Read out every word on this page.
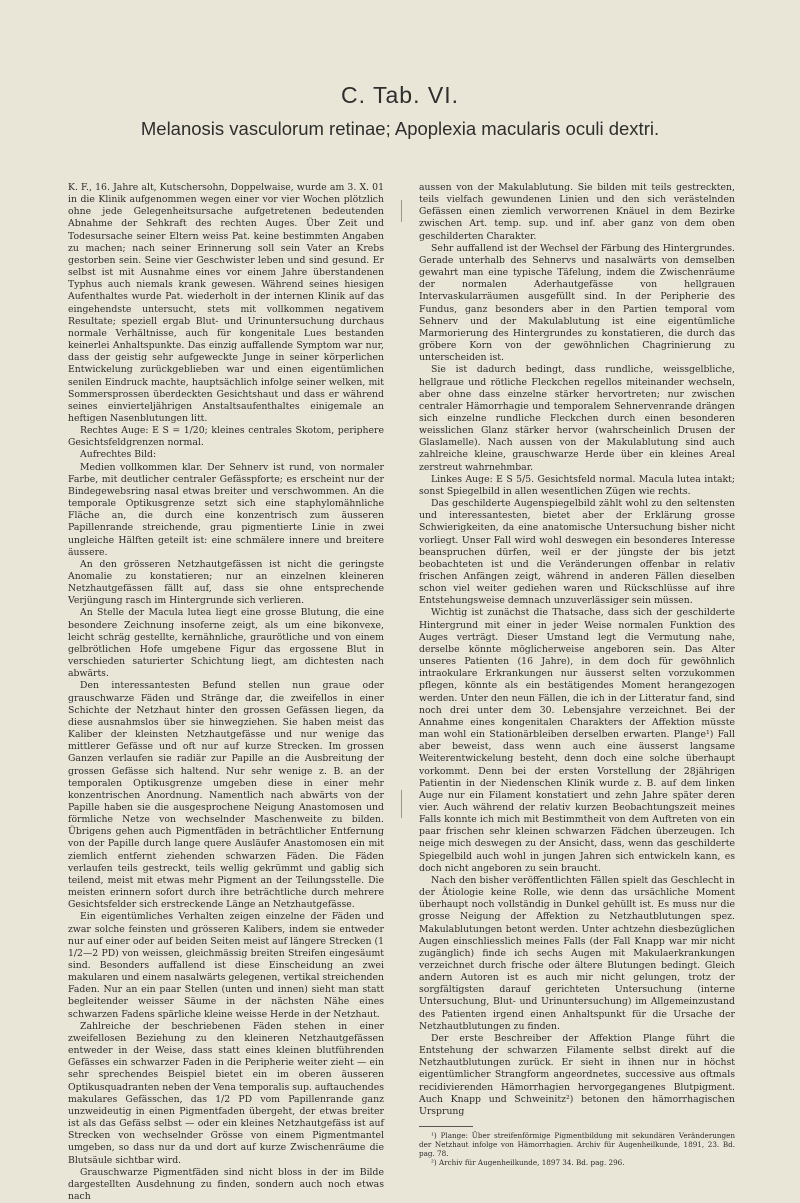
C. Tab. VI.
Melanosis vasculorum retinae; Apoplexia macularis oculi dextri.

K. F., 16. Jahre alt, Kutschersohn, Doppelwaise, wurde am 3. X. 01 in die Klinik aufgenommen wegen einer vor vier Wochen plötzlich ohne jede Gelegenheitsursache aufgetretenen bedeutenden Abnahme der Sehkraft des rechten Auges. Über Zeit und Todesursache seiner Eltern weiss Pat. keine bestimmten Angaben zu machen; nach seiner Erinnerung soll sein Vater an Krebs gestorben sein. Seine vier Geschwister leben und sind gesund. Er selbst ist mit Ausnahme eines vor einem Jahre überstandenen Typhus auch niemals krank gewesen. Während seines hiesigen Aufenthaltes wurde Pat. wiederholt in der internen Klinik auf das eingehendste untersucht, stets mit vollkommen negativem Resultate; speziell ergab Blut- und Urinuntersuchung durchaus normale Verhältnisse, auch für kongenitale Lues bestanden keinerlei Anhaltspunkte. Das einzig auffallende Symptom war nur, dass der geistig sehr aufgeweckte Junge in seiner körperlichen Entwickelung zurückgeblieben war und einen eigentümlichen senilen Eindruck machte, hauptsächlich infolge seiner welken, mit Sommersprossen überdeckten Gesichtshaut und dass er während seines einvierteljährigen Anstaltsaufenthaltes einigemale an heftigen Nasenblutungen litt.

Rechtes Auge: E S = 1/20; kleines centrales Skotom, periphere Gesichtsfeldgrenzen normal.

Aufrechtes Bild:

Medien vollkommen klar. Der Sehnerv ist rund, von normaler Farbe, mit deutlicher centraler Gefässpforte; es erscheint nur der Bindegewebsring nasal etwas breiter und verschwommen. An die temporale Optikusgrenze setzt sich eine staphylomähnliche Fläche an, die durch eine konzentrisch zum äusseren Papillenrande streichende, grau pigmentierte Linie in zwei ungleiche Hälften geteilt ist: eine schmälere innere und breitere äussere.

An den grösseren Netzhautgefässen ist nicht die geringste Anomalie zu konstatieren; nur an einzelnen kleineren Netzhautgefässen fällt auf, dass sie ohne entsprechende Verjüngung rasch im Hintergrunde sich verlieren.

An Stelle der Macula lutea liegt eine grosse Blutung, die eine besondere Zeichnung insoferne zeigt, als um eine bikonvexe, leicht schräg gestellte, kernähnliche, graurötliche und von einem gelbrötlichen Hofe umgebene Figur das ergossene Blut in verschieden saturierter Schichtung liegt, am dichtesten nach abwärts.

Den interessantesten Befund stellen nun graue oder grauschwarze Fäden und Stränge dar, die zweifellos in einer Schichte der Netzhaut hinter den grossen Gefässen liegen, da diese ausnahmslos über sie hinwegziehen. Sie haben meist das Kaliber der kleinsten Netzhautgefässe und nur wenige das mittlerer Gefässe und oft nur auf kurze Strecken. Im grossen Ganzen verlaufen sie radiär zur Papille an die Ausbreitung der grossen Gefässe sich haltend. Nur sehr wenige z. B. an der temporalen Optikusgrenze umgeben diese in einer mehr konzentrischen Anordnung. Namentlich nach abwärts von der Papille haben sie die ausgesprochene Neigung Anastomosen und förmliche Netze von wechselnder Maschenweite zu bilden. Übrigens gehen auch Pigmentfäden in beträchtlicher Entfernung von der Papille durch lange quere Ausläufer Anastomosen ein mit ziemlich entfernt ziehenden schwarzen Fäden. Die Fäden verlaufen teils gestreckt, teils wellig gekrümmt und gablig sich teilend, meist mit etwas mehr Pigment an der Teilungsstelle. Die meisten erinnern sofort durch ihre beträchtliche durch mehrere Gesichtsfelder sich erstreckende Länge an Netzhautgefässe.

Ein eigentümliches Verhalten zeigen einzelne der Fäden und zwar solche feinsten und grösseren Kalibers, indem sie entweder nur auf einer oder auf beiden Seiten meist auf längere Strecken (1 1/2—2 PD) von weissen, gleichmässig breiten Streifen eingesäumt sind. Besonders auffallend ist diese Einscheidung an zwei makularen und einem nasalwärts gelegenen, vertikal streichenden Faden. Nur an ein paar Stellen (unten und innen) sieht man statt begleitender weisser Säume in der nächsten Nähe eines schwarzen Fadens spärliche kleine weisse Herde in der Netzhaut.

Zahlreiche der beschriebenen Fäden stehen in einer zweifellosen Beziehung zu den kleineren Netzhautgefässen entweder in der Weise, dass statt eines kleinen blutführenden Gefässes ein schwarzer Faden in die Peripherie weiter zieht — ein sehr sprechendes Beispiel bietet ein im oberen äusseren Optikusquadranten neben der Vena temporalis sup. auftauchendes makulares Gefässchen, das 1/2 PD vom Papillenrande ganz unzweideutig in einen Pigmentfaden übergeht, der etwas breiter ist als das Gefäss selbst — oder ein kleines Netzhautgefäss ist auf Strecken von wechselnder Grösse von einem Pigmentmantel umgeben, so dass nur da und dort auf kurze Zwischenräume die Blutsäule sichtbar wird.

Grauschwarze Pigmentfäden sind nicht bloss in der im Bilde dargestellten Ausdehnung zu finden, sondern auch noch etwas nach

aussen von der Makulablutung. Sie bilden mit teils gestreckten, teils vielfach gewundenen Linien und den sich verästelnden Gefässen einen ziemlich verworrenen Knäuel in dem Bezirke zwischen Art. temp. sup. und inf. aber ganz von dem oben geschilderten Charakter.

Sehr auffallend ist der Wechsel der Färbung des Hintergrundes. Gerade unterhalb des Sehnervs und nasalwärts von demselben gewahrt man eine typische Täfelung, indem die Zwischenräume der normalen Aderhautgefässe von hellgrauen Intervaskularräumen ausgefüllt sind. In der Peripherie des Fundus, ganz besonders aber in den Partien temporal vom Sehnerv und der Makulablutung ist eine eigentümliche Marmorierung des Hintergrundes zu konstatieren, die durch das gröbere Korn von der gewöhnlichen Chagrinierung zu unterscheiden ist.

Sie ist dadurch bedingt, dass rundliche, weissgelbliche, hellgraue und rötliche Fleckchen regellos miteinander wechseln, aber ohne dass einzelne stärker hervortreten; nur zwischen centraler Hämorrhagie und temporalem Sehnervenrande drängen sich einzelne rundliche Fleckchen durch einen besonderen weisslichen Glanz stärker hervor (wahrscheinlich Drusen der Glaslamelle). Nach aussen von der Makulablutung sind auch zahlreiche kleine, grauschwarze Herde über ein kleines Areal zerstreut wahrnehmbar.

Linkes Auge: E S 5/5. Gesichtsfeld normal. Macula lutea intakt; sonst Spiegelbild in allen wesentlichen Zügen wie rechts.

Das geschilderte Augenspiegelbild zählt wohl zu den seltensten und interessantesten, bietet aber der Erklärung grosse Schwierigkeiten, da eine anatomische Untersuchung bisher nicht vorliegt. Unser Fall wird wohl deswegen ein besonderes Interesse beanspruchen dürfen, weil er der jüngste der bis jetzt beobachteten ist und die Veränderungen offenbar in relativ frischen Anfängen zeigt, während in anderen Fällen dieselben schon viel weiter gediehen waren und Rückschlüsse auf ihre Entstehungsweise demnach unzuverlässiger sein müssen.

Wichtig ist zunächst die Thatsache, dass sich der geschilderte Hintergrund mit einer in jeder Weise normalen Funktion des Auges verträgt. Dieser Umstand legt die Vermutung nahe, derselbe könnte möglicherweise angeboren sein. Das Alter unseres Patienten (16 Jahre), in dem doch für gewöhnlich intraokulare Erkrankungen nur äusserst selten vorzukommen pflegen, könnte als ein bestätigendes Moment herangezogen werden. Unter den neun Fällen, die ich in der Litteratur fand, sind noch drei unter dem 30. Lebensjahre verzeichnet. Bei der Annahme eines kongenitalen Charakters der Affektion müsste man wohl ein Stationärbleiben derselben erwarten. Plange¹) Fall aber beweist, dass wenn auch eine äusserst langsame Weiterentwickelung besteht, denn doch eine solche überhaupt vorkommt. Denn bei der ersten Vorstellung der 28jährigen Patientin in der Niedenschen Klinik wurde z. B. auf dem linken Auge nur ein Filament konstatiert und zehn Jahre später deren vier. Auch während der relativ kurzen Beobachtungszeit meines Falls konnte ich mich mit Bestimmtheit von dem Auftreten von ein paar frischen sehr kleinen schwarzen Fädchen überzeugen. Ich neige mich deswegen zu der Ansicht, dass, wenn das geschilderte Spiegelbild auch wohl in jungen Jahren sich entwickeln kann, es doch nicht angeboren zu sein braucht.

Nach den bisher veröffentlichten Fällen spielt das Geschlecht in der Ätiologie keine Rolle, wie denn das ursächliche Moment überhaupt noch vollständig in Dunkel gehüllt ist. Es muss nur die grosse Neigung der Affektion zu Netzhautblutungen spez. Makulablutungen betont werden. Unter achtzehn diesbezüglichen Augen einschliesslich meines Falls (der Fall Knapp war mir nicht zugänglich) finde ich sechs Augen mit Makulaerkrankungen verzeichnet durch frische oder ältere Blutungen bedingt. Gleich andern Autoren ist es auch mir nicht gelungen, trotz der sorgfältigsten darauf gerichteten Untersuchung (interne Untersuchung, Blut- und Urinuntersuchung) im Allgemeinzustand des Patienten irgend einen Anhaltspunkt für die Ursache der Netzhautblutungen zu finden.

Der erste Beschreiber der Affektion Plange führt die Entstehung der schwarzen Filamente selbst direkt auf die Netzhautblutungen zurück. Er sieht in ihnen nur in höchst eigentümlicher Strangform angeordnetes, successive aus oftmals recidivierenden Hämorrhagien hervorgegangenes Blutpigment. Auch Knapp und Schweinitz²) betonen den hämorrhagischen Ursprung

¹) Plange: Über streifenförmige Pigmentbildung mit sekundären Veränderungen der Netzhaut infolge von Hämorrhagien. Archiv für Augenheilkunde, 1891, 23. Bd. pag. 78.

²) Archiv für Augenheilkunde, 1897 34. Bd. pag. 296.
